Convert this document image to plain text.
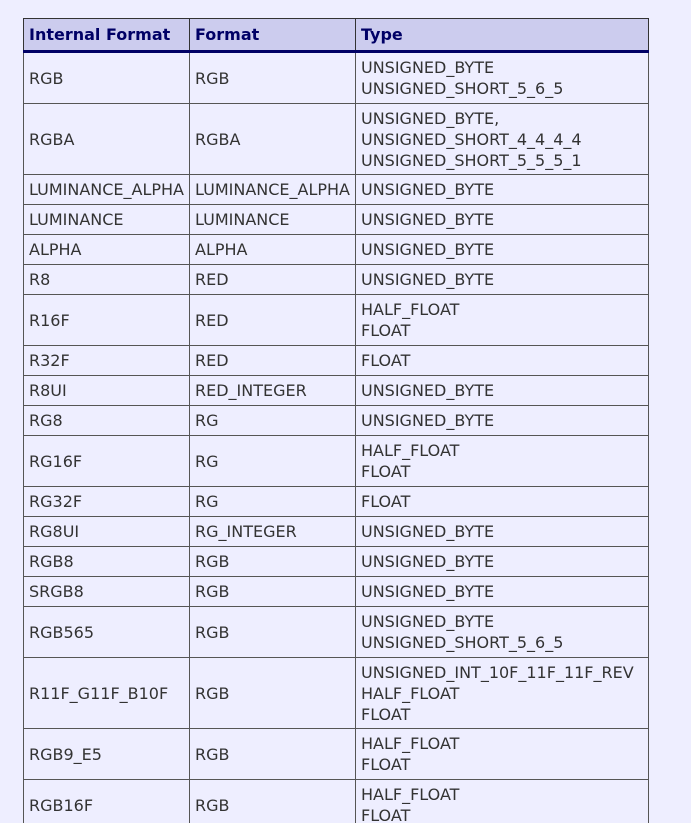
Internal Format	Format	Type
RGB	RGB	UNSIGNED_BYTE
UNSIGNED_SHORT_5_6_5

RGBA	RGBA	UNSIGNED_BYTE,
UNSIGNED_SHORT_4_4_4_4
UNSIGNED_SHORT_5_5_5_1

LUMINANCE_ALPHA	LUMINANCE_ALPHA	UNSIGNED_BYTE

LUMINANCE	LUMINANCE	UNSIGNED_BYTE

ALPHA	ALPHA	UNSIGNED_BYTE

R8	RED	UNSIGNED_BYTE

R16F	RED	HALF_FLOAT
FLOAT

R32F	RED	FLOAT

R8UI	RED_INTEGER	UNSIGNED_BYTE

RG8	RG	UNSIGNED_BYTE

RG16F	RG	HALF_FLOAT
FLOAT

RG32F	RG	FLOAT

RG8UI	RG_INTEGER	UNSIGNED_BYTE

RGB8	RGB	UNSIGNED_BYTE

SRGB8	RGB	UNSIGNED_BYTE

RGB565	RGB	UNSIGNED_BYTE
UNSIGNED_SHORT_5_6_5

R11F_G11F_B10F	RGB	UNSIGNED_INT_10F_11F_11F_REV
HALF_FLOAT
FLOAT

RGB9_E5	RGB	HALF_FLOAT
FLOAT

RGB16F	RGB	HALF_FLOAT
FLOAT
